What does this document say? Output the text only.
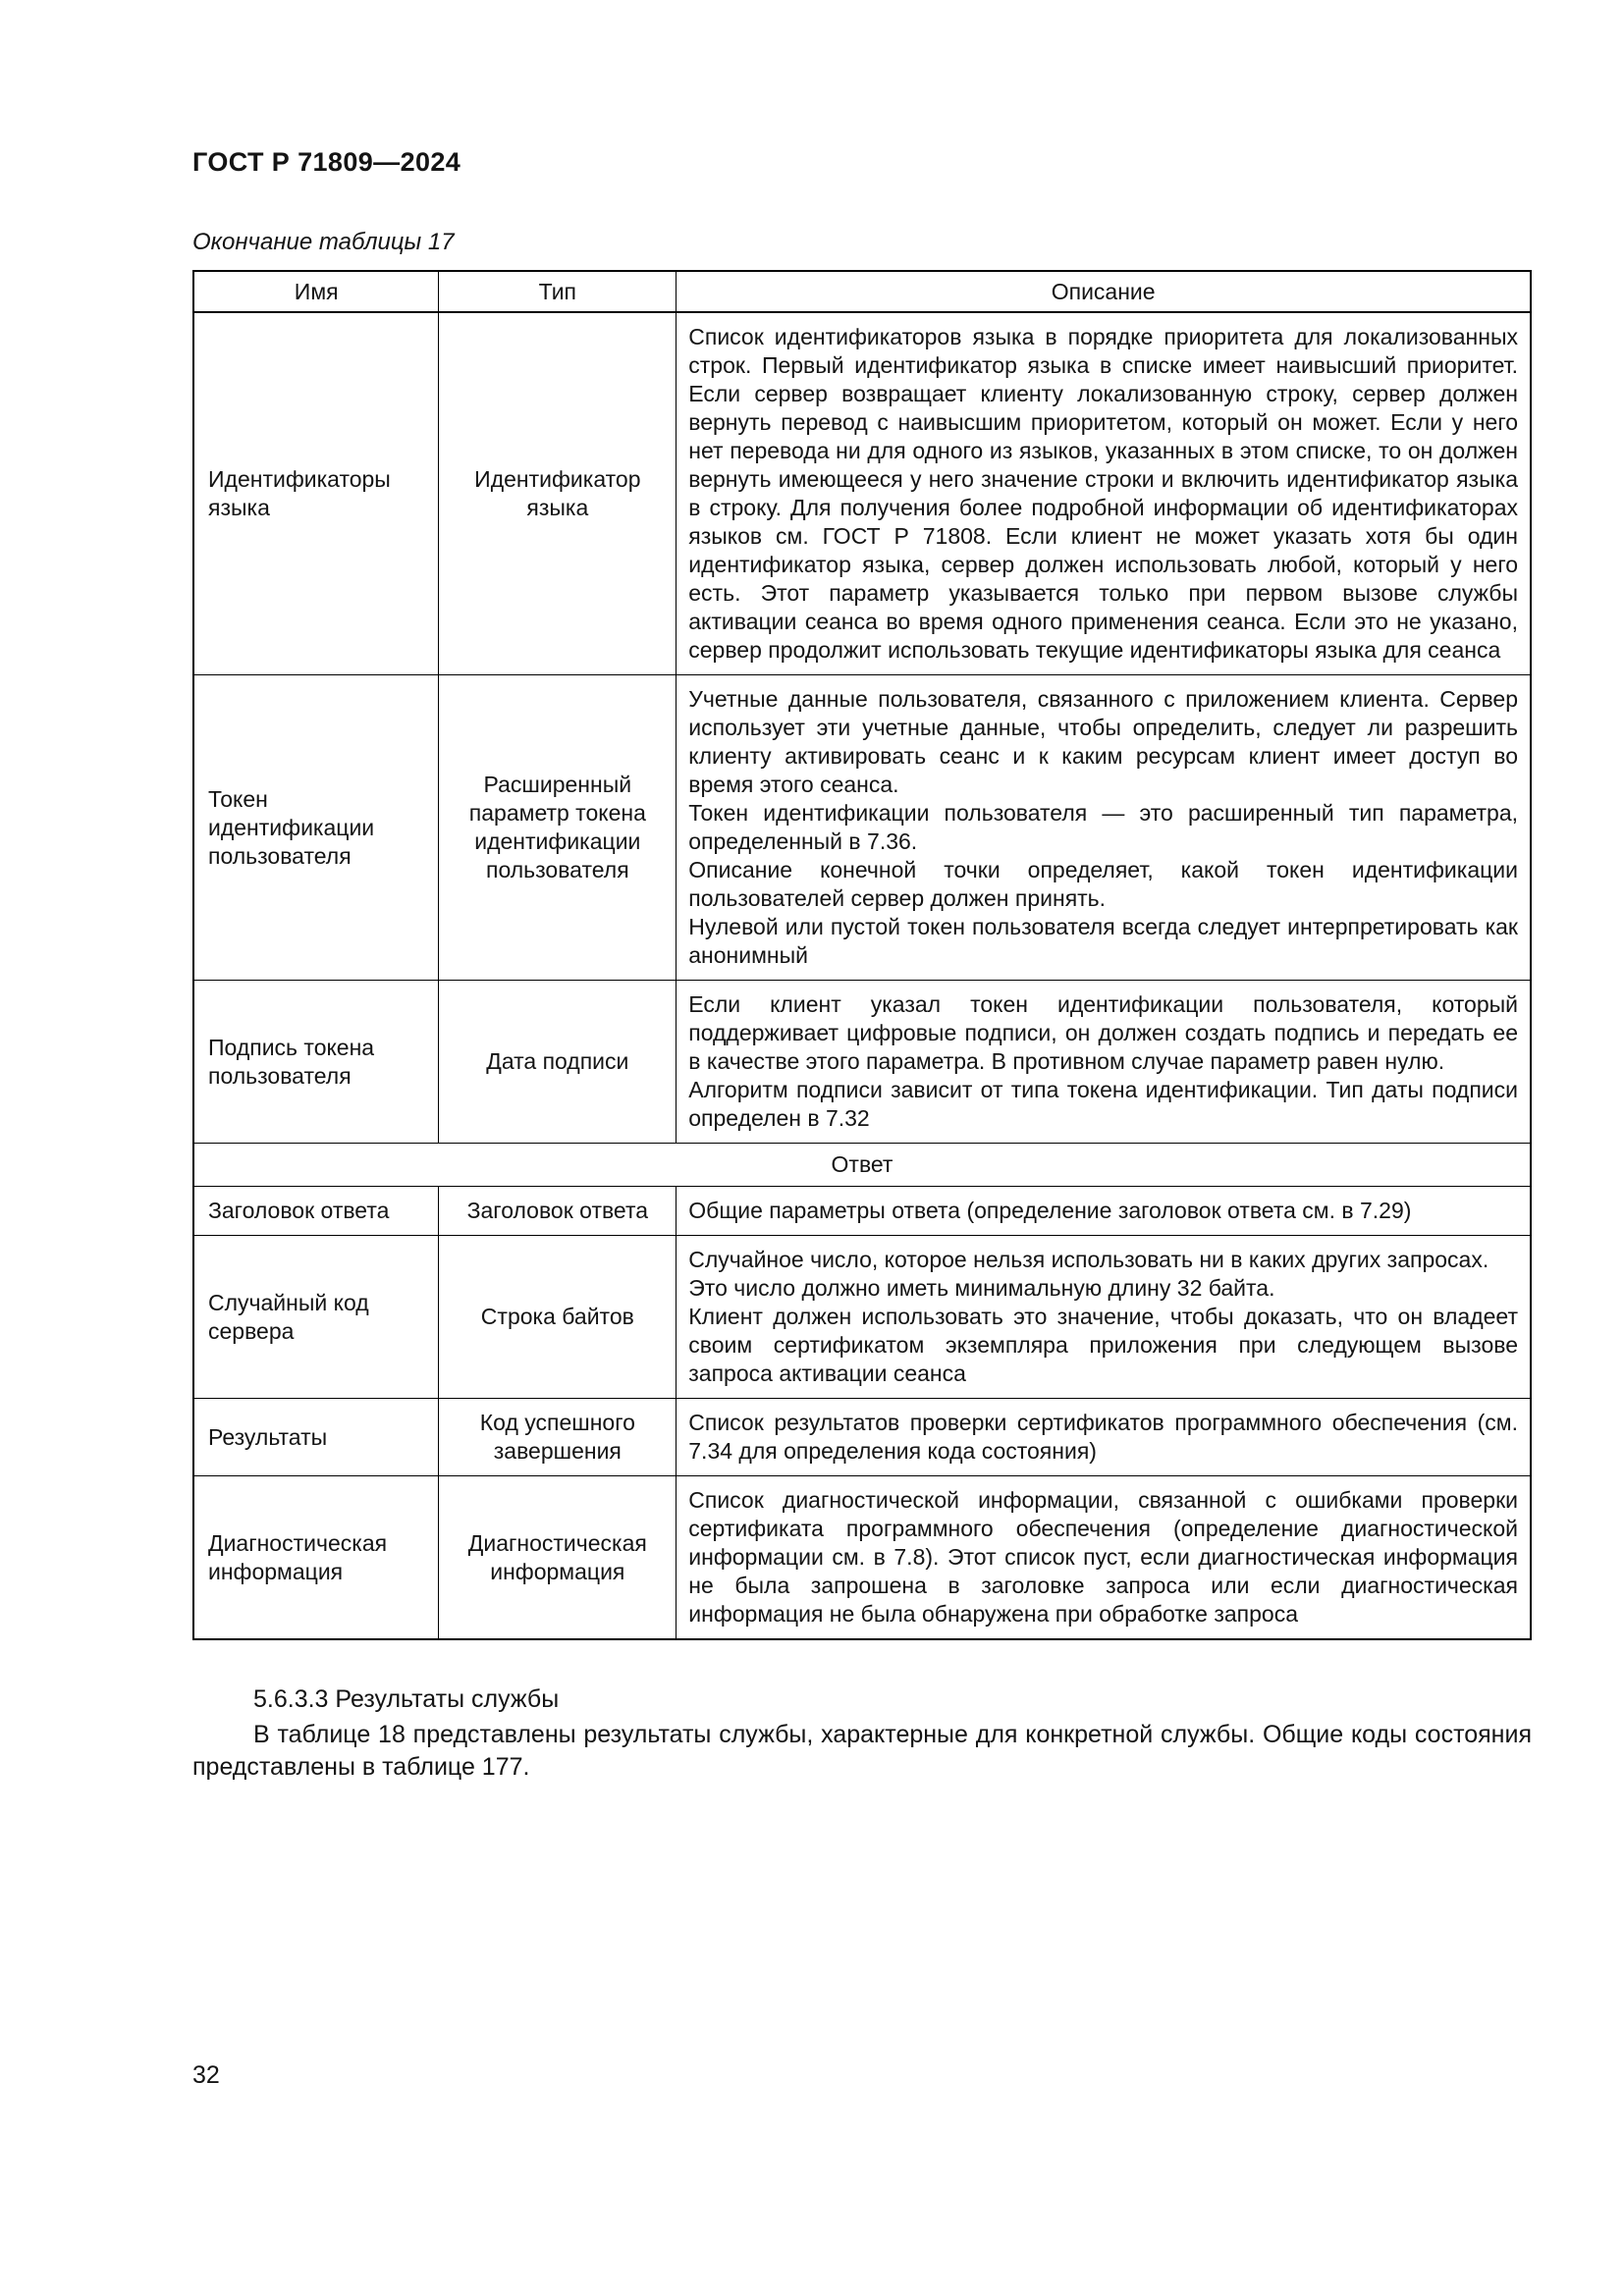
ГОСТ Р 71809—2024
Окончание таблицы 17
Имя	Тип	Описание
Идентификаторы языка	Идентификатор языка	Список идентификаторов языка в порядке приоритета для локализованных строк. Первый идентификатор языка в списке имеет наивысший приоритет. Если сервер возвращает клиенту локализованную строку, сервер должен вернуть перевод с наивысшим приоритетом, который он может. Если у него нет перевода ни для одного из языков, указанных в этом списке, то он должен вернуть имеющееся у него значение строки и включить идентификатор языка в строку. Для получения более подробной информации об идентификаторах языков см. ГОСТ Р 71808. Если клиент не может указать хотя бы один идентификатор языка, сервер должен использовать любой, который у него есть. Этот параметр указывается только при первом вызове службы активации сеанса во время одного применения сеанса. Если это не указано, сервер продолжит использовать текущие идентификаторы языка для сеанса

Токен идентификации пользователя	Расширенный параметр токена идентификации пользователя	Учетные данные пользователя, связанного с приложением клиента. Сервер использует эти учетные данные, чтобы определить, следует ли разрешить клиенту активировать сеанс и к каким ресурсам клиент имеет доступ во время этого сеанса.

Токен идентификации пользователя — это расширенный тип параметра, определенный в 7.36.

Описание конечной точки определяет, какой токен идентификации пользователей сервер должен принять.

Нулевой или пустой токен пользователя всегда следует интерпретировать как анонимный

Подпись токена пользователя	Дата подписи	Если клиент указал токен идентификации пользователя, который поддерживает цифровые подписи, он должен создать подпись и передать ее в качестве этого параметра. В противном случае параметр равен нулю.

Алгоритм подписи зависит от типа токена идентификации. Тип даты подписи определен в 7.32

Ответ		
Заголовок ответа	Заголовок ответа	Общие параметры ответа (определение заголовок ответа см. в 7.29)

Случайный код сервера	Строка байтов	Случайное число, которое нельзя использовать ни в каких других запросах.

Это число должно иметь минимальную длину 32 байта.

Клиент должен использовать это значение, чтобы доказать, что он владеет своим сертификатом экземпляра приложения при следующем вызове запроса активации сеанса

Результаты	Код успешного завершения	Список результатов проверки сертификатов программного обеспечения (см. 7.34 для определения кода состояния)

Диагностическая информация	Диагностическая информация	Список диагностической информации, связанной с ошибками проверки сертификата программного обеспечения (определение диагностической информации см. в 7.8). Этот список пуст, если диагностическая информация не была запрошена в заголовке запроса или если диагностическая информация не была обнаружена при обработке запроса

5.6.3.3 Результаты службы

В таблице 18 представлены результаты службы, характерные для конкретной службы. Общие коды состояния представлены в таблице 177.

32
